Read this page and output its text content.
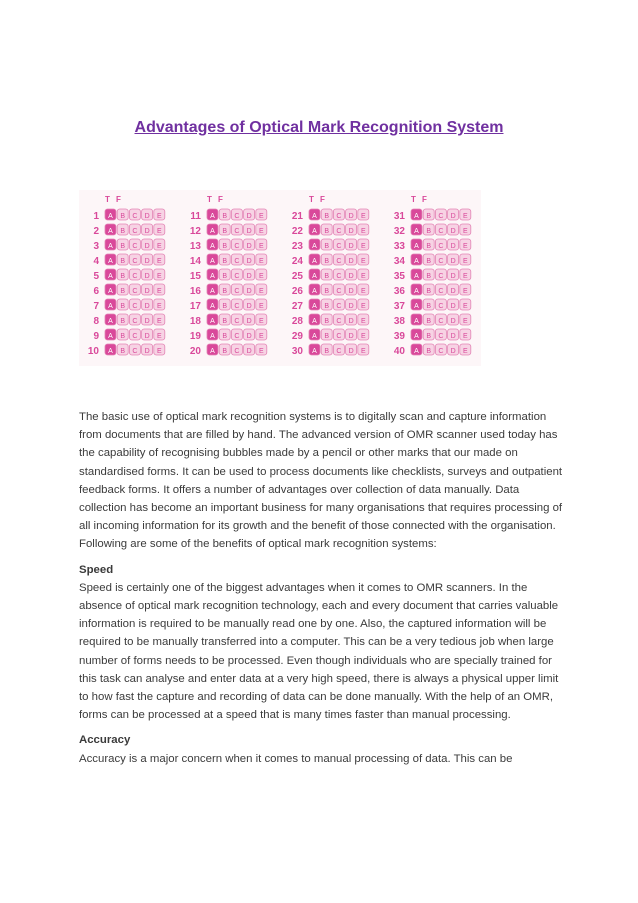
Advantages of Optical Mark Recognition System
T F
1 A B C D E
2 A B C D E
3 A B C D E
4 A B C D E
5 A B C D E
6 A B C D E
7 A B C D E
8 A B C D E
9 A B C D E
10 A B C D E
T F
11 A B C D E
12 A B C D E
13 A B C D E
14 A B C D E
15 A B C D E
16 A B C D E
17 A B C D E
18 A B C D E
19 A B C D E
20 A B C D E
T F
21 A B C D E
22 A B C D E
23 A B C D E
24 A B C D E
25 A B C D E
26 A B C D E
27 A B C D E
28 A B C D E
29 A B C D E
30 A B C D E
T F
31 A B C D E
32 A B C D E
33 A B C D E
34 A B C D E
35 A B C D E
36 A B C D E
37 A B C D E
38 A B C D E
39 A B C D E
40 A B C D E

The basic use of optical mark recognition systems is to digitally scan and capture information from documents that are filled by hand. The advanced version of OMR scanner used today has the capability of recognising bubbles made by a pencil or other marks that our made on standardised forms. It can be used to process documents like checklists, surveys and outpatient feedback forms. It offers a number of advantages over collection of data manually. Data collection has become an important business for many organisations that requires processing of all incoming information for its growth and the benefit of those connected with the organisation. Following are some of the benefits of optical mark recognition systems:

Speed

Speed is certainly one of the biggest advantages when it comes to OMR scanners. In the absence of optical mark recognition technology, each and every document that carries valuable information is required to be manually read one by one. Also, the captured information will be required to be manually transferred into a computer. This can be a very tedious job when large number of forms needs to be processed. Even though individuals who are specially trained for this task can analyse and enter data at a very high speed, there is always a physical upper limit to how fast the capture and recording of data can be done manually. With the help of an OMR, forms can be processed at a speed that is many times faster than manual processing.

Accuracy

Accuracy is a major concern when it comes to manual processing of data. This can be
